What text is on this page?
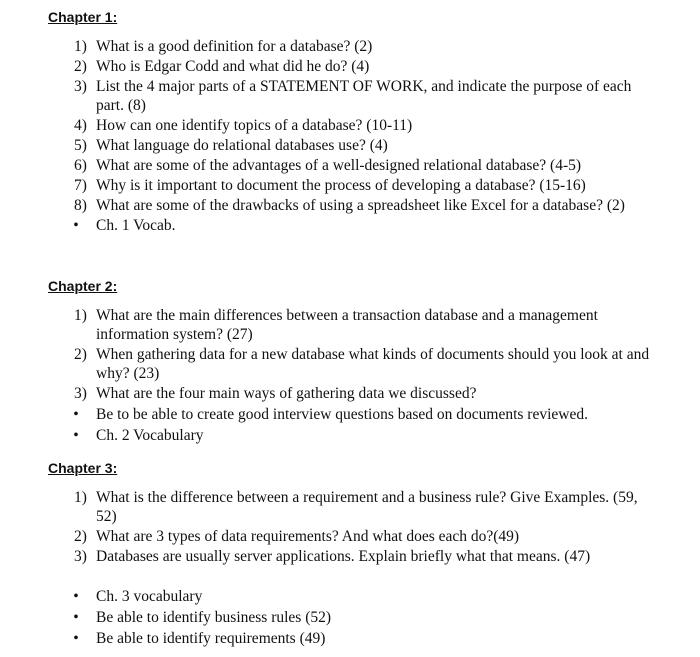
Chapter 1:
1) What is a good definition for a database? (2)
2) Who is Edgar Codd and what did he do? (4)
3) List the 4 major parts of a STATEMENT OF WORK, and indicate the purpose of each
part. (8)
4) How can one identify topics of a database? (10-11)
5) What language do relational databases use? (4)
6) What are some of the advantages of a well-designed relational database? (4-5)
7) Why is it important to document the process of developing a database? (15-16)
8) What are some of the drawbacks of using a spreadsheet like Excel for a database? (2)
•	Ch. 1 Vocab.
Chapter 2:
1) What are the main differences between a transaction database and a management
information system? (27)
2) When gathering data for a new database what kinds of documents should you look at and
why? (23)
3) What are the four main ways of gathering data we discussed?
•	Be to be able to create good interview questions based on documents reviewed.
•	Ch. 2 Vocabulary
Chapter 3:
1) What is the difference between a requirement and a business rule? Give Examples. (59,
52)
2) What are 3 types of data requirements? And what does each do?(49)
3) Databases are usually server applications. Explain briefly what that means. (47)
•	Ch. 3 vocabulary
•	Be able to identify business rules (52)
•	Be able to identify requirements (49)
